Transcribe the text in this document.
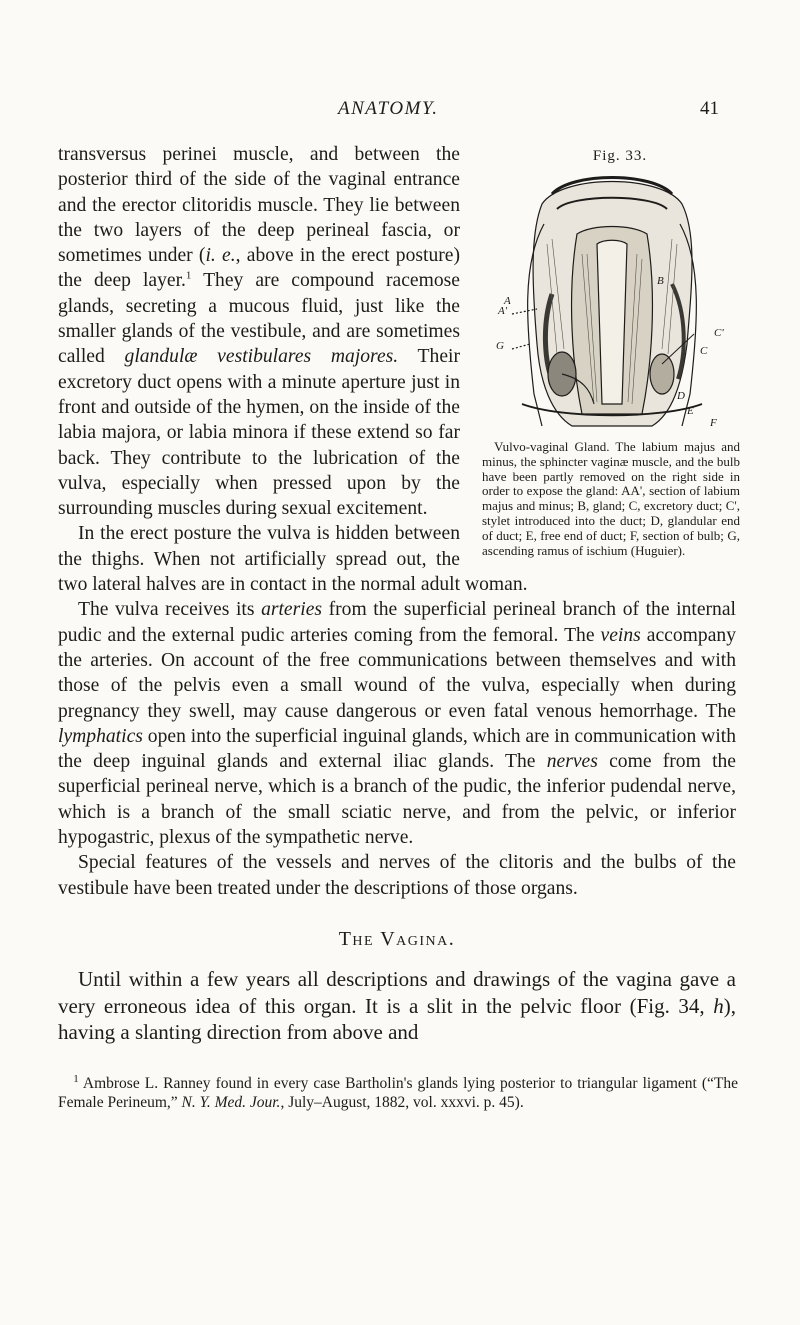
ANATOMY.	41
Fig. 33.
A'
A
G
C'
B
C
D
E
F
Vulvo-vaginal Gland. The labium majus and minus, the sphincter vaginæ muscle, and the bulb have been partly removed on the right side in order to expose the gland: AA', section of labium majus and minus; B, gland; C, excretory duct; C', stylet introduced into the duct; D, glandular end of duct; E, free end of duct; F, section of bulb; G, ascending ramus of ischium (Huguier).

transversus perinei muscle, and between the posterior third of the side of the vaginal entrance and the erector clitoridis muscle. They lie between the two layers of the deep perineal fascia, or sometimes under (i. e., above in the erect posture) the deep layer.$^1$ They are compound racemose glands, secreting a mucous fluid, just like the smaller glands of the vestibule, and are sometimes called glandulæ vestibulares majores. Their excretory duct opens with a minute aperture just in front and outside of the hymen, on the inside of the labia majora, or labia minora if these extend so far back. They contribute to the lubrication of the vulva, especially when pressed upon by the surrounding muscles during sexual excitement.

In the erect posture the vulva is hidden between the thighs. When not artificially spread out, the two lateral halves are in contact in the normal adult woman.

The vulva receives its arteries from the superficial perineal branch of the internal pudic and the external pudic arteries coming from the femoral. The veins accompany the arteries. On account of the free communications between themselves and with those of the pelvis even a small wound of the vulva, especially when during pregnancy they swell, may cause dangerous or even fatal venous hemorrhage. The lymphatics open into the superficial inguinal glands, which are in communication with the deep inguinal glands and external iliac glands. The nerves come from the superficial perineal nerve, which is a branch of the pudic, the inferior pudendal nerve, which is a branch of the small sciatic nerve, and from the pelvic, or inferior hypogastric, plexus of the sympathetic nerve.

Special features of the vessels and nerves of the clitoris and the bulbs of the vestibule have been treated under the descriptions of those organs.

The Vagina.

Until within a few years all descriptions and drawings of the vagina gave a very erroneous idea of this organ. It is a slit in the pelvic floor (Fig. 34, h), having a slanting direction from above and

$^1$ Ambrose L. Ranney found in every case Bartholin's glands lying posterior to triangular ligament (“The Female Perineum,” N. Y. Med. Jour., July–August, 1882, vol. xxxvi. p. 45).
